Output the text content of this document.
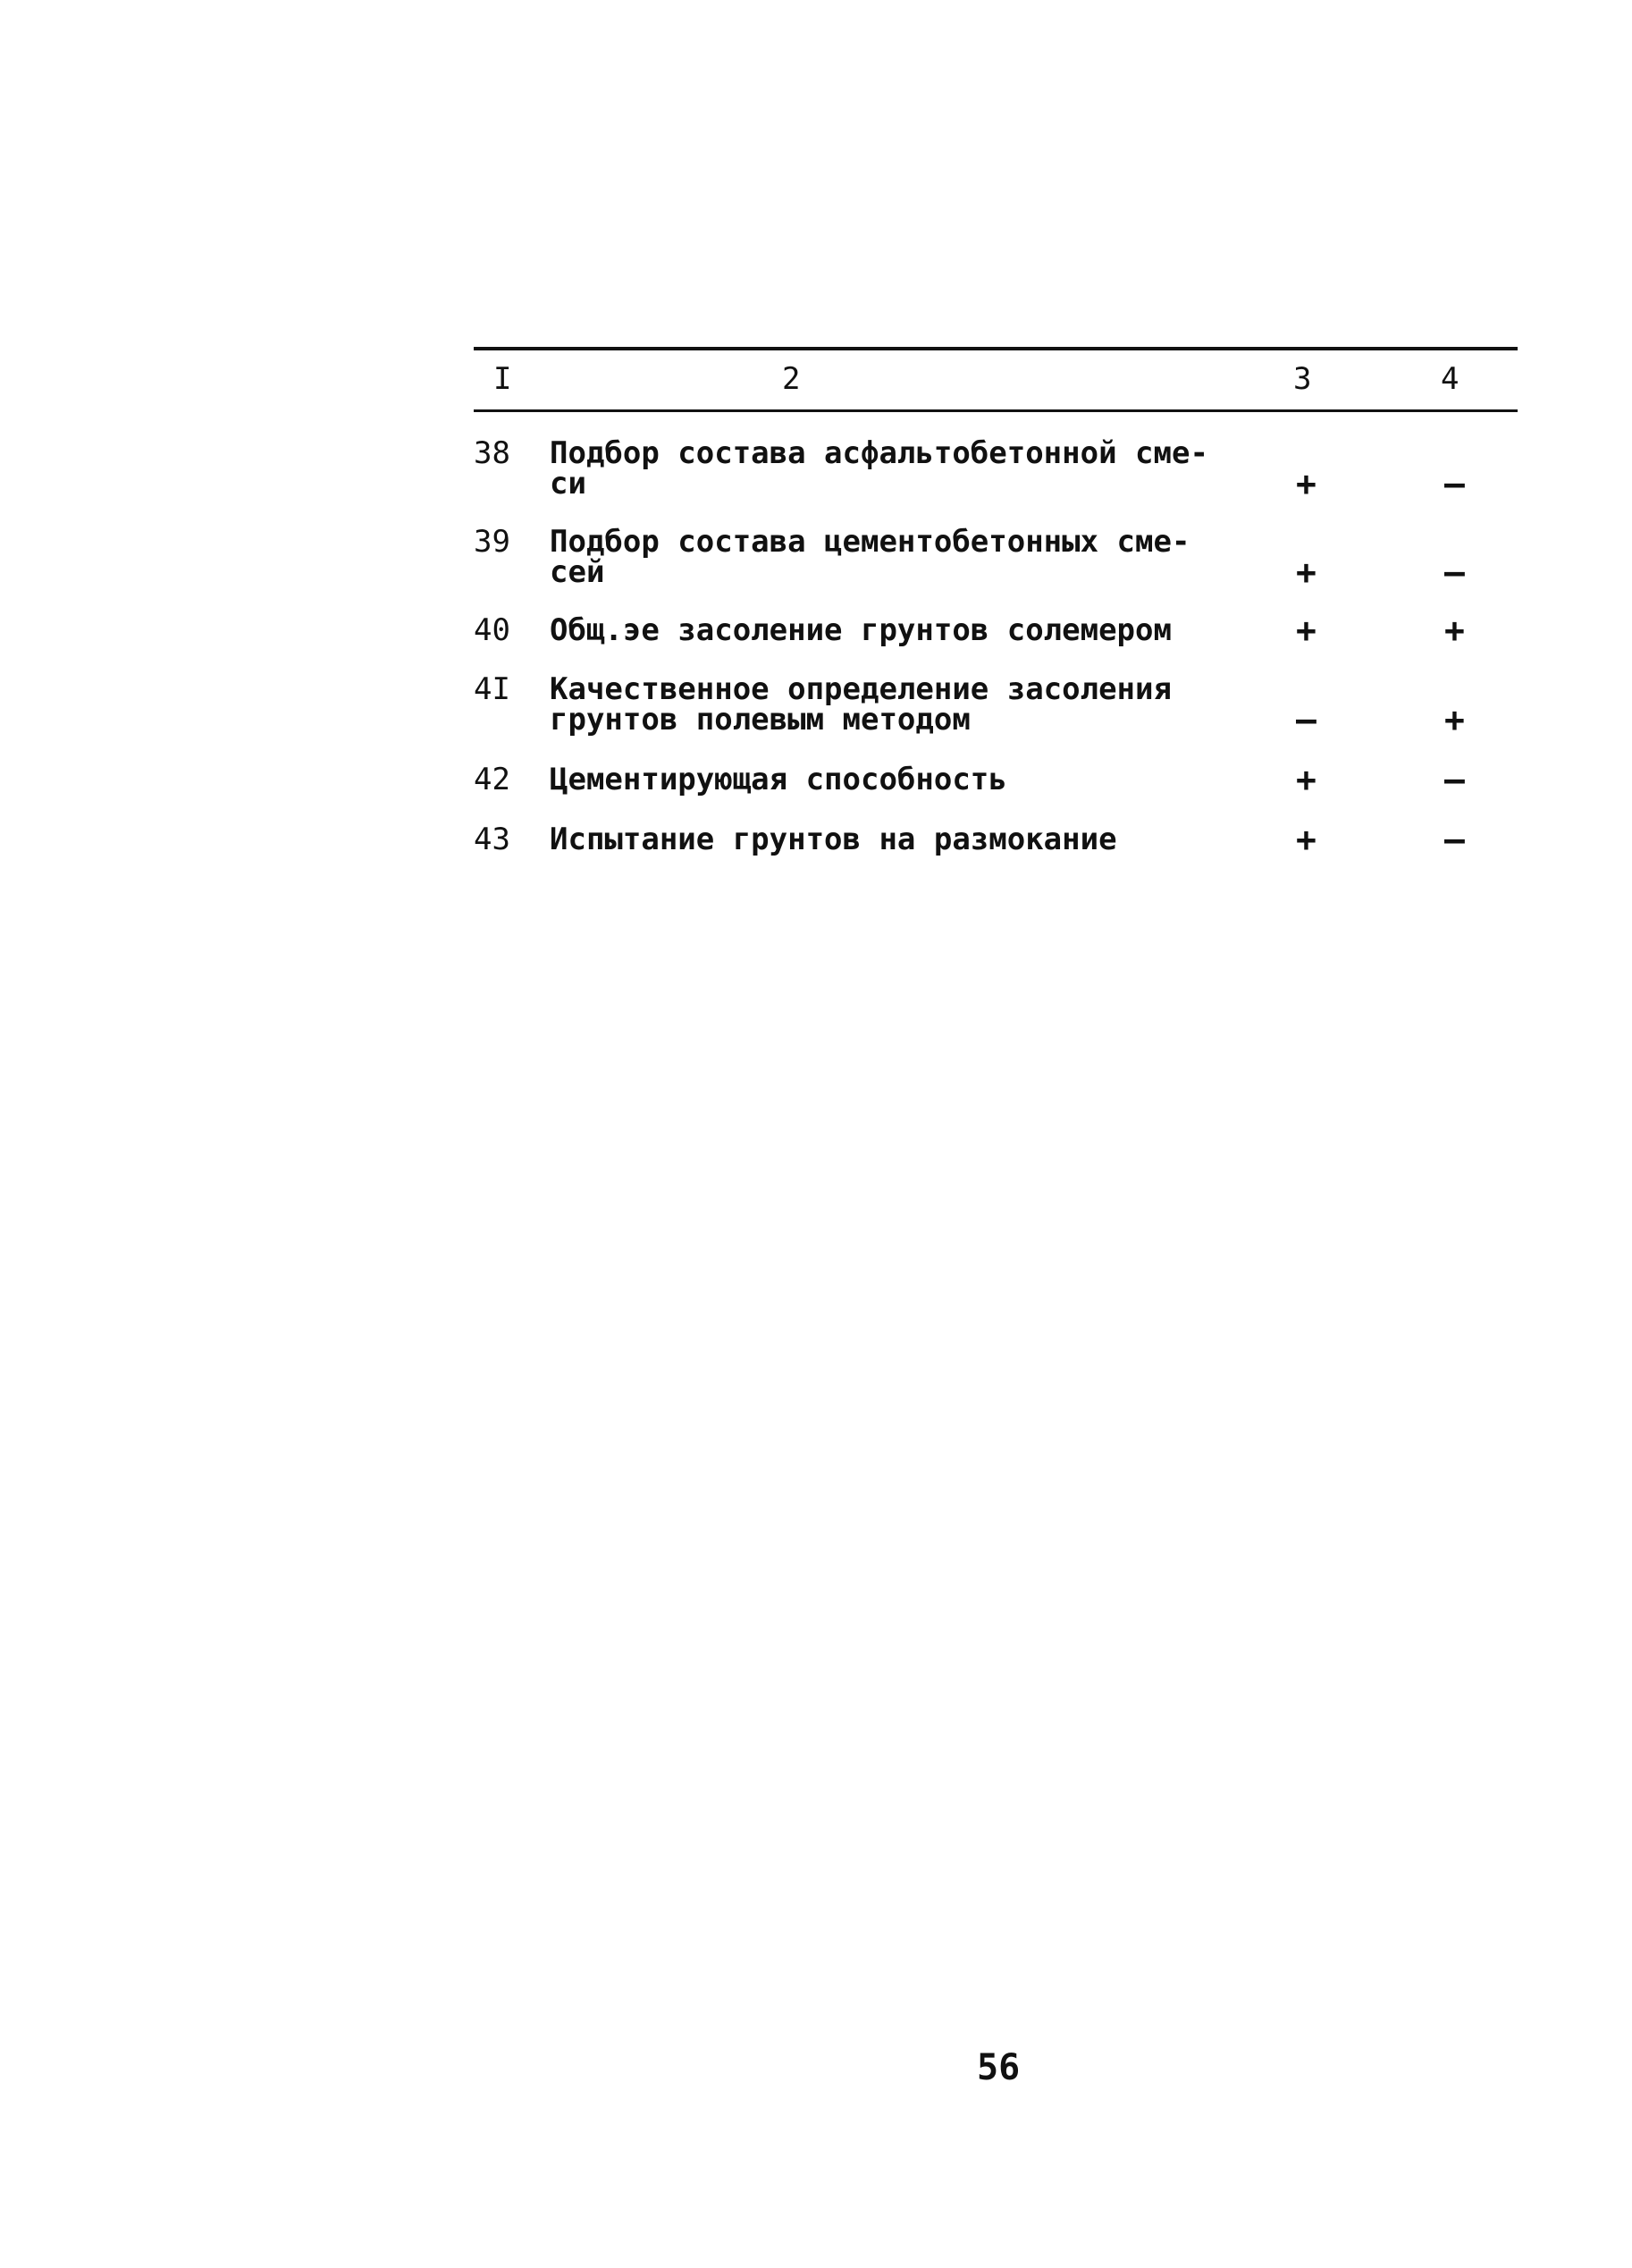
I	2	3	4
38 Подбор состава асфальтобетонной сме-
си	+	–
39 Подбор состава цементобетонных сме-
сей	+	–
40 Общ.эе засоление грунтов солемером	+	+
4I Качественное определение засоления
грунтов полевым методом	–	+
42 Цементирующая способность	+	–
43 Испытание грунтов на размокание	+	–
56
